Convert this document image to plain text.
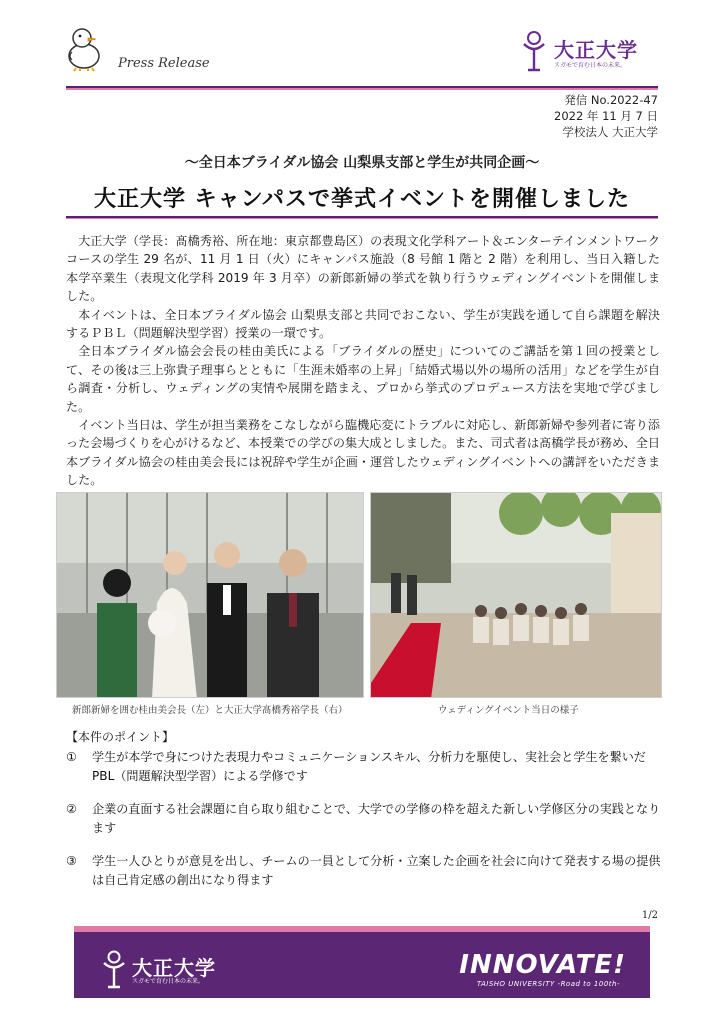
Press Release
大正大学
スガモで育む日本の未来。
発信 No.2022-47
2022 年 11 月 7 日
学校法人 大正大学
～全日本ブライダル協会 山梨県支部と学生が共同企画～
大正大学 キャンパスで挙式イベントを開催しました

大正大学（学長：髙橋秀裕、所在地：東京都豊島区）の表現文化学科アート＆エンターテインメントワークコースの学生 29 名が、11 月 1 日（火）にキャンパス施設（8 号館 1 階と 2 階）を利用し、当日入籍した本学卒業生（表現文化学科 2019 年 3 月卒）の新郎新婦の挙式を執り行うウェディングイベントを開催しました。

本イベントは、全日本ブライダル協会 山梨県支部と共同でおこない、学生が実践を通して自ら課題を解決するＰＢＬ（問題解決型学習）授業の一環です。

全日本ブライダル協会会長の桂由美氏による「ブライダルの歴史」についてのご講話を第１回の授業として、その後は三上弥貴子理事らとともに「生涯未婚率の上昇」「結婚式場以外の場所の活用」などを学生が自ら調査・分析し、ウェディングの実情や展開を踏まえ、プロから挙式のプロデュース方法を実地で学びました。

イベント当日は、学生が担当業務をこなしながら臨機応変にトラブルに対応し、新郎新婦や参列者に寄り添った会場づくりを心がけるなど、本授業での学びの集大成としました。また、司式者は髙橋学長が務め、全日本ブライダル協会の桂由美会長には祝辞や学生が企画・運営したウェディングイベントへの講評をいただきました。

新郎新婦を囲む桂由美会長（左）と大正大学髙橋秀裕学長（右）	ウェディングイベント当日の様子
【本件のポイント】
① 学生が本学で身につけた表現力やコミュニケーションスキル、分析力を駆使し、実社会と学生を繋いだ PBL（問題解決型学習）による学修です
② 企業の直面する社会課題に自ら取り組むことで、大学での学修の枠を超えた新しい学修区分の実践となります
③ 学生一人ひとりが意見を出し、チームの一員として分析・立案した企画を社会に向けて発表する場の提供は自己肯定感の創出になり得ます
1/2
大正大学
スガモで育む日本の未来。
INNOVATE!
TAISHO UNIVERSITY -Road to 100th-
